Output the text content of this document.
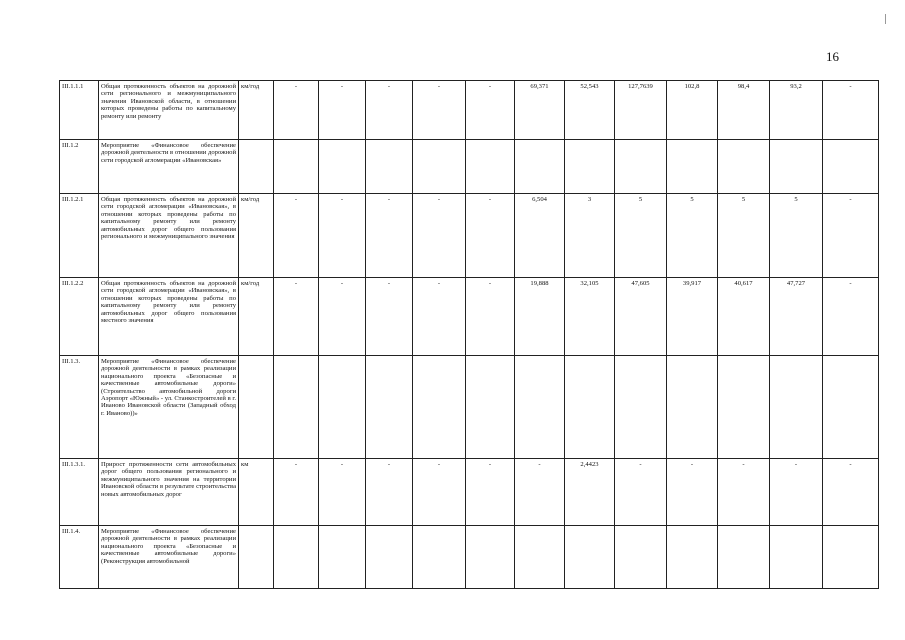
16
III.1.1.1	Общая протяженность объектов на дорожной сети регионального и межмуниципального значения Ивановской области, в отношении которых проведены работы по капитальному ремонту или ремонту	км/год	-	-	-	-	-	69,371	52,543	127,7639	102,8	98,4	93,2	-
III.1.2	Мероприятие «Финансовое обеспечение дорожной деятельности в отношении дорожной сети городской агломерации «Ивановская»													
III.1.2.1	Общая протяженность объектов на дорожной сети городской агломерации «Ивановская», в отношении которых проведены работы по капитальному ремонту или ремонту автомобильных дорог общего пользования регионального и межмуниципального значения	км/год	-	-	-	-	-	6,504	3	5	5	5	5	-
III.1.2.2	Общая протяженность объектов на дорожной сети городской агломерации «Ивановская», в отношении которых проведены работы по капитальному ремонту или ремонту автомобильных дорог общего пользования местного значения	км/год	-	-	-	-	-	19,888	32,105	47,605	39,917	40,617	47,727	-
III.1.3.	Мероприятие «Финансовое обеспечение дорожной деятельности в рамках реализации национального проекта «Безопасные и качественные автомобильные дороги» (Строительство автомобильной дороги Аэропорт «Южный» - ул. Станкостроителей в г. Иваново Ивановской области (Западный обход г. Иваново))»													
III.1.3.1.	Прирост протяженности сети автомобильных дорог общего пользования регионального и межмуниципального значения на территории Ивановской области в результате строительства новых автомобильных дорог	км	-	-	-	-	-	-	2,4423	-	-	-	-	-
III.1.4.	Мероприятие «Финансовое обеспечение дорожной деятельности в рамках реализации национального проекта «Безопасные и качественные автомобильные дороги» (Реконструкция автомобильной													
